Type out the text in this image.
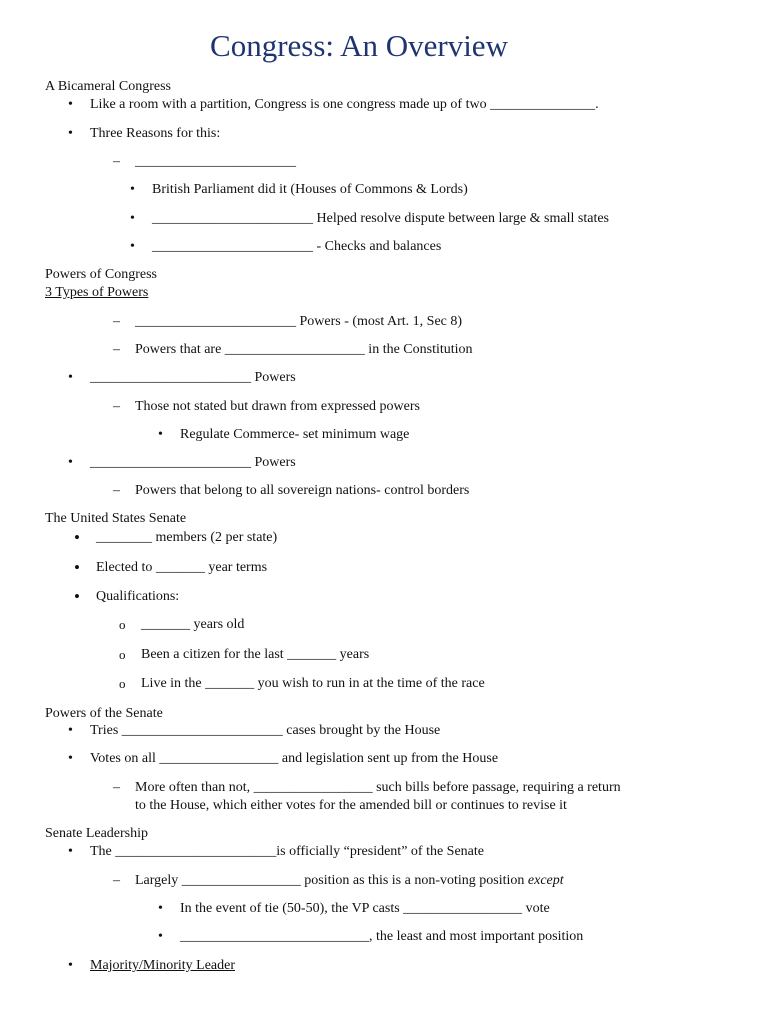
Congress: An Overview
A Bicameral Congress
• Like a room with a partition, Congress is one congress made up of two _______________.
• Three Reasons for this:
– _______________________
• British Parliament did it (Houses of Commons & Lords)
• _______________________ Helped resolve dispute between large & small states
• _______________________ - Checks and balances
Powers of Congress
3 Types of Powers
– _______________________ Powers - (most Art. 1, Sec 8)
– Powers that are ____________________ in the Constitution
• _______________________ Powers
– Those not stated but drawn from expressed powers
• Regulate Commerce- set minimum wage
• _______________________ Powers
– Powers that belong to all sovereign nations- control borders
The United States Senate
• ________ members (2 per state)
• Elected to _______ year terms
• Qualifications:
o _______ years old
o Been a citizen for the last _______ years
o Live in the _______ you wish to run in at the time of the race
Powers of the Senate
• Tries _______________________ cases brought by the House
• Votes on all _________________ and legislation sent up from the House
– More often than not, _________________ such bills before passage, requiring a return
to the House, which either votes for the amended bill or continues to revise it
Senate Leadership
• The _______________________is officially “president” of the Senate
– Largely _________________ position as this is a non-voting position except
• In the event of tie (50-50), the VP casts _________________ vote
• ___________________________, the least and most important position
• Majority/Minority Leader
